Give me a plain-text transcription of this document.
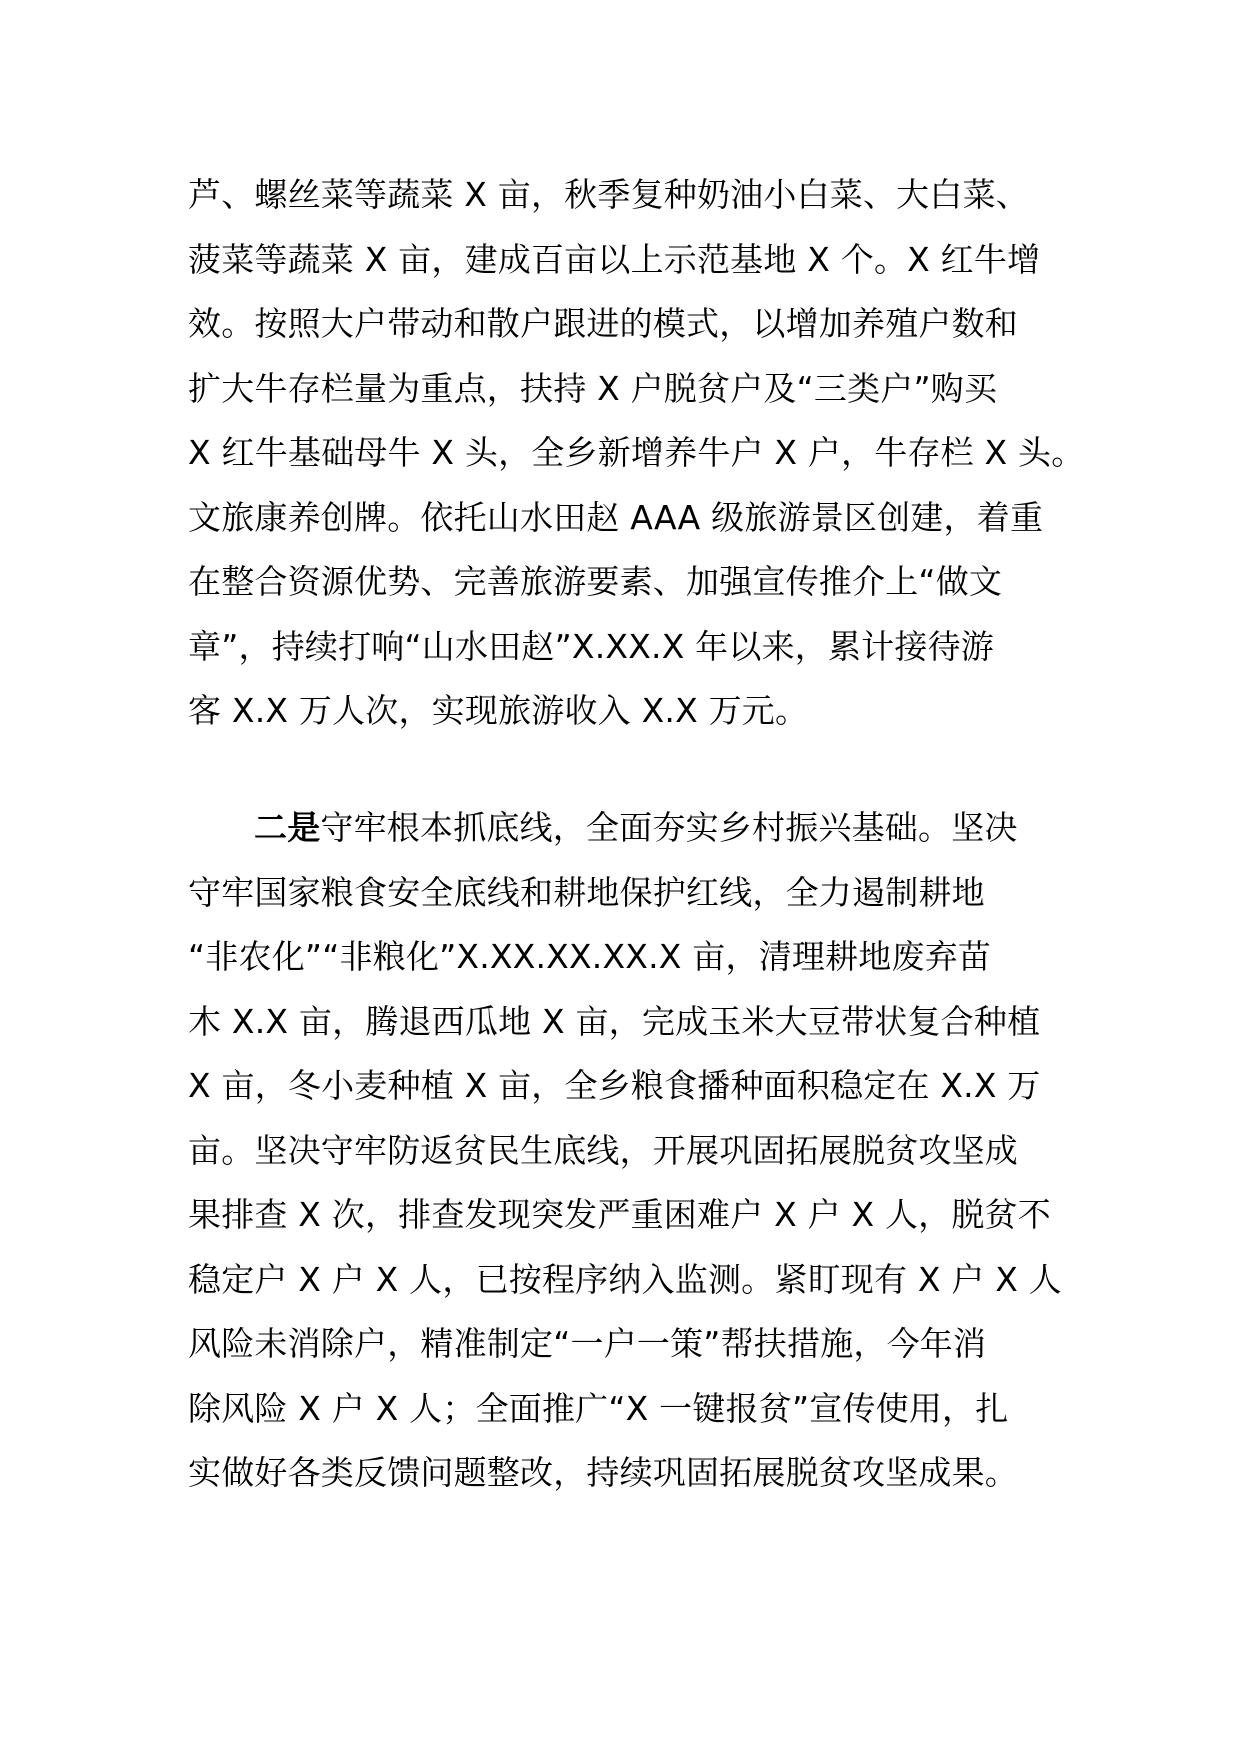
芦、螺丝菜等蔬菜 X 亩，秋季复种奶油小白菜、大白菜、
菠菜等蔬菜 X 亩，建成百亩以上示范基地 X 个。X 红牛增
效。按照大户带动和散户跟进的模式，以增加养殖户数和
扩大牛存栏量为重点，扶持 X 户脱贫户及“三类户”购买
X 红牛基础母牛 X 头，全乡新增养牛户 X 户，牛存栏 X 头。
文旅康养创牌。依托山水田赵 AAA 级旅游景区创建，着重
在整合资源优势、完善旅游要素、加强宣传推介上“做文
章”，持续打响“山水田赵”X.XX.X 年以来，累计接待游
客 X.X 万人次，实现旅游收入 X.X 万元。
二是守牢根本抓底线，全面夯实乡村振兴基础。坚决
守牢国家粮食安全底线和耕地保护红线，全力遏制耕地
“非农化”“非粮化”X.XX.XX.XX.X 亩，清理耕地废弃苗
木 X.X 亩，腾退西瓜地 X 亩，完成玉米大豆带状复合种植
X 亩，冬小麦种植 X 亩，全乡粮食播种面积稳定在 X.X 万
亩。坚决守牢防返贫民生底线，开展巩固拓展脱贫攻坚成
果排查 X 次，排查发现突发严重困难户 X 户 X 人，脱贫不
稳定户 X 户 X 人，已按程序纳入监测。紧盯现有 X 户 X 人
风险未消除户，精准制定“一户一策”帮扶措施，今年消
除风险 X 户 X 人；全面推广“X 一键报贫”宣传使用，扎
实做好各类反馈问题整改，持续巩固拓展脱贫攻坚成果。
